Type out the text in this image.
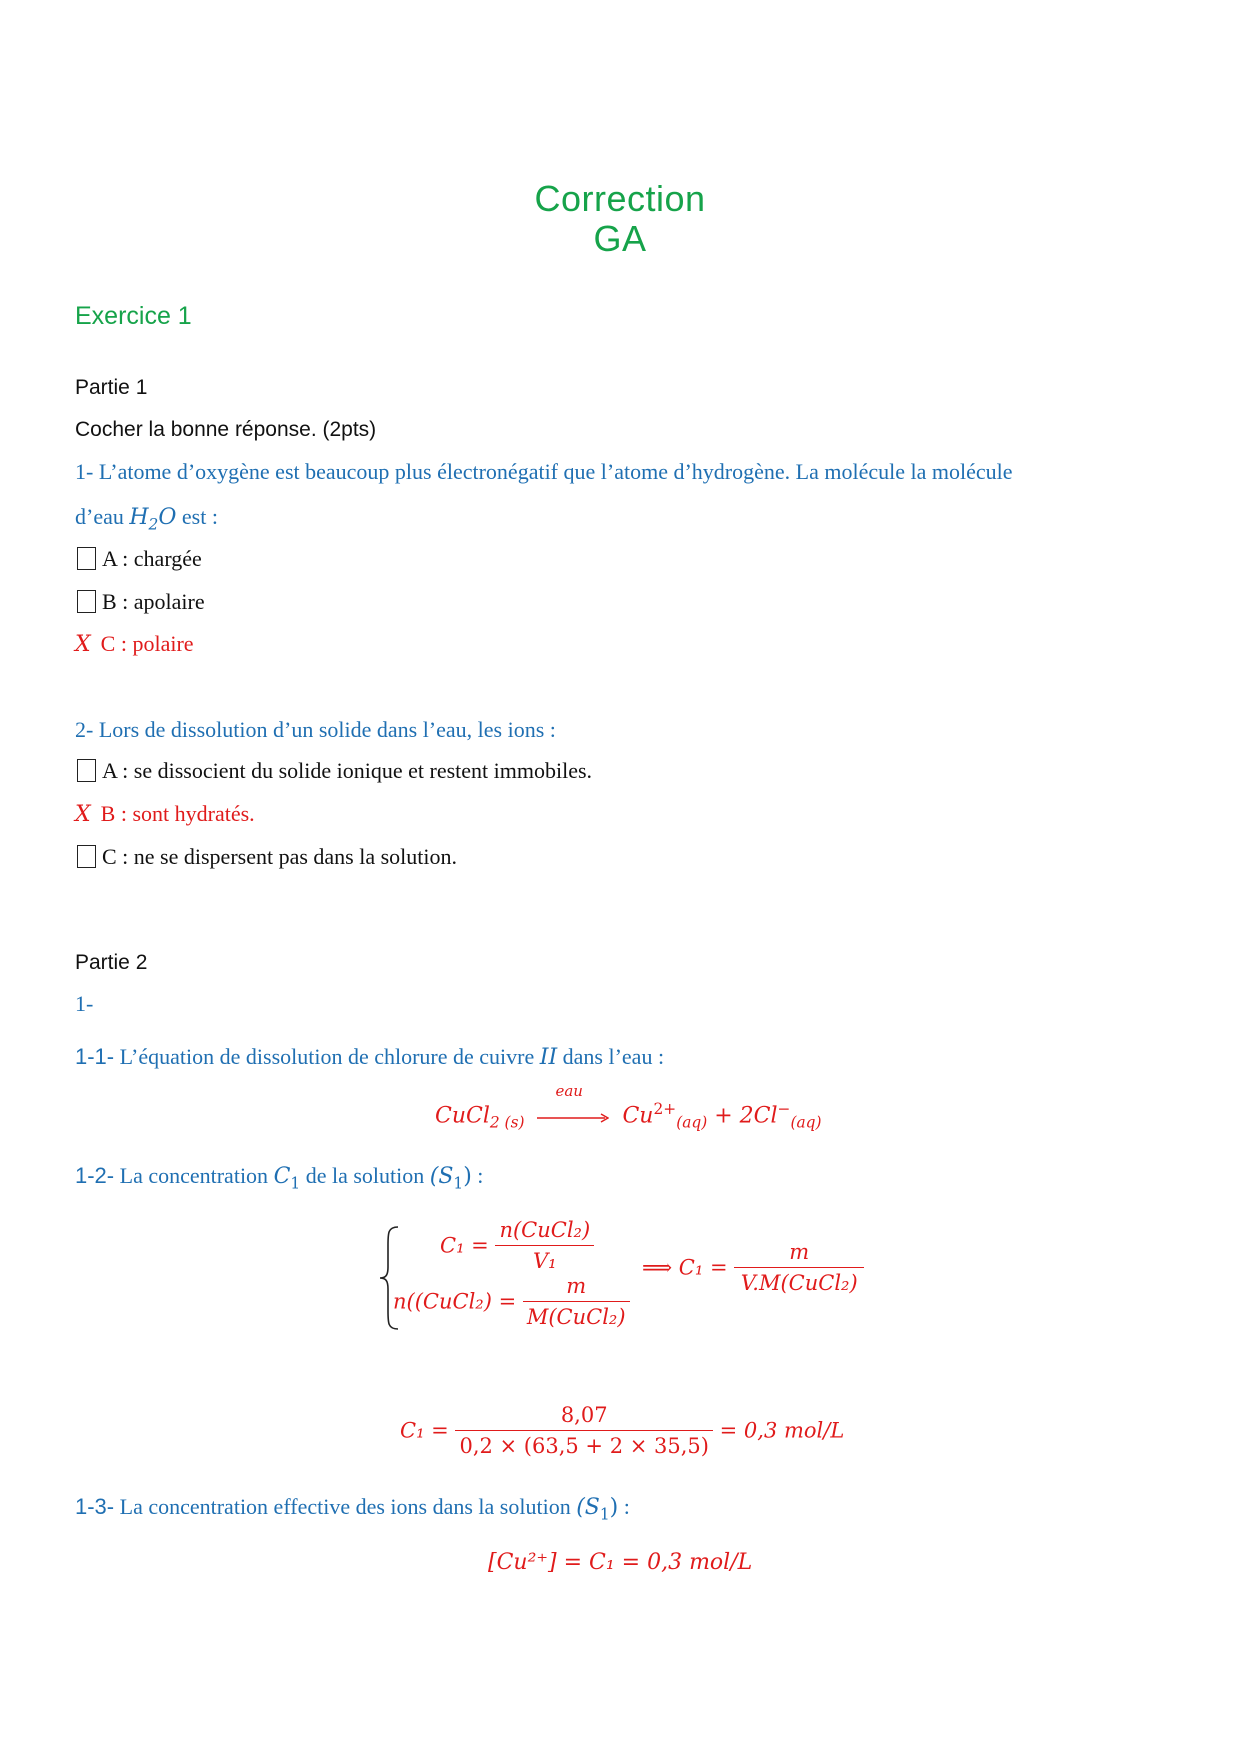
Correction
GA
Exercice 1
Partie 1
Cocher la bonne réponse. (2pts)
1- L’atome d’oxygène est beaucoup plus électronégatif que l’atome d’hydrogène. La molécule la molécule
d’eau $H_2O$ est :
A : chargée
B : apolaire
X C : polaire
2- Lors de dissolution d’un solide dans l’eau, les ions :
A : se dissocient du solide ionique et restent immobiles.
X B : sont hydratés.
C : ne se dispersent pas dans la solution.
Partie 2
1-
1-1- L’équation de dissolution de chlorure de cuivre II dans l’eau :
CuCl$_{2 (s)}$
eau
$Cu^{2+}_{(aq)} + 2Cl^-_{(aq)}$
1-2- La concentration $C_1$ de la solution $(S_1)$ :
$C_1 = \frac{\text{n(CuCl₂)}}{\text{V₁}}$
n((CuCl₂) = $\frac{m}{\text{M(CuCl₂)}}$
⟹ $C_1 = \frac{m}{\text{V.M(CuCl₂)}}$
$C_1 = \frac{8,07}{0,2 \times (63,5 + 2 \times 35,5)} = 0,3$ mol/L
1-3- La concentration effective des ions dans la solution $(S_1)$ :
[Cu²⁺] = C₁ = 0,3 mol/L
